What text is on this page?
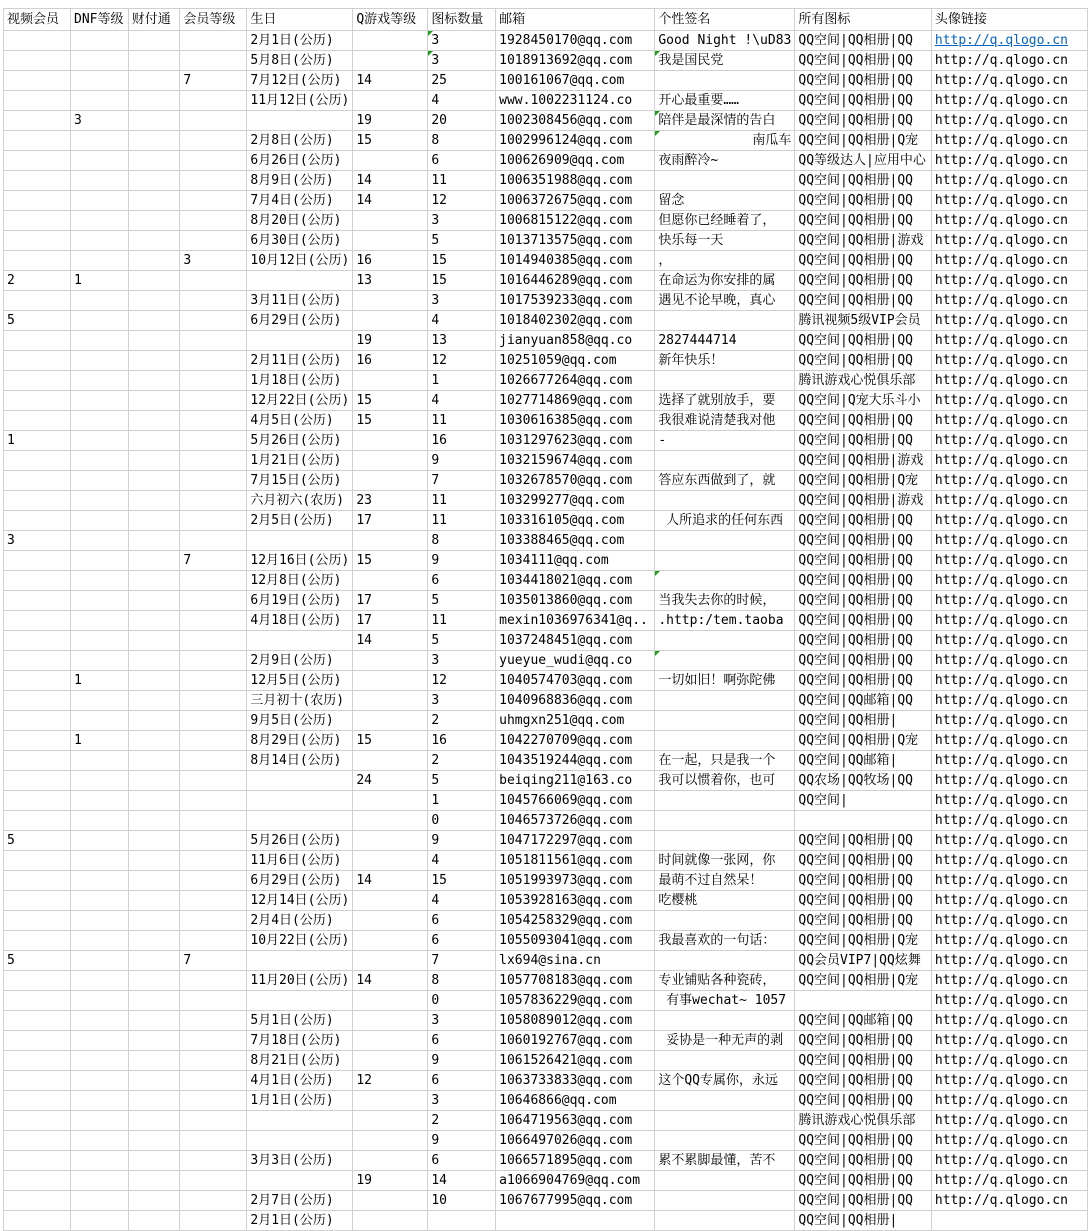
视频会员	DNF等级	财付通	会员等级	生日	Q游戏等级	图标数量	邮箱	个性签名	所有图标	头像链接
				2月1日(公历)		3	1928450170@qq.com	Good Night !\uD83	QQ空间|QQ相册|QQ	http://q.qlogo.cn
				5月8日(公历)		3	1018913692@qq.com	我是国民党	QQ空间|QQ相册|QQ	http://q.qlogo.cn
			7	7月12日(公历)	14	25	100161067@qq.com		QQ空间|QQ相册|QQ	http://q.qlogo.cn
				11月12日(公历)		4	www.1002231124.co	开心最重要……	QQ空间|QQ相册|QQ	http://q.qlogo.cn
	3				19	20	1002308456@qq.com	陪伴是最深情的告白	QQ空间|QQ相册|QQ	http://q.qlogo.cn
				2月8日(公历)	15	8	1002996124@qq.com	南瓜车	QQ空间|QQ相册|Q宠	http://q.qlogo.cn
				6月26日(公历)		6	100626909@qq.com	夜雨醉冷~	QQ等级达人|应用中心	http://q.qlogo.cn
				8月9日(公历)	14	11	1006351988@qq.com		QQ空间|QQ相册|QQ	http://q.qlogo.cn
				7月4日(公历)	14	12	1006372675@qq.com	留念	QQ空间|QQ相册|QQ	http://q.qlogo.cn
				8月20日(公历)		3	1006815122@qq.com	但愿你已经睡着了，	QQ空间|QQ相册|QQ	http://q.qlogo.cn
				6月30日(公历)		5	1013713575@qq.com	快乐每一天	QQ空间|QQ相册|游戏	http://q.qlogo.cn
			3	10月12日(公历)	16	15	1014940385@qq.com	，	QQ空间|QQ相册|QQ	http://q.qlogo.cn
2	1				13	15	1016446289@qq.com	在命运为你安排的属	QQ空间|QQ相册|QQ	http://q.qlogo.cn
				3月11日(公历)		3	1017539233@qq.com	遇见不论早晚，真心	QQ空间|QQ相册|QQ	http://q.qlogo.cn
5				6月29日(公历)		4	1018402302@qq.com		腾讯视频5级VIP会员	http://q.qlogo.cn
					19	13	jianyuan858@qq.co	2827444714	QQ空间|QQ相册|QQ	http://q.qlogo.cn
				2月11日(公历)	16	12	10251059@qq.com	新年快乐！	QQ空间|QQ相册|QQ	http://q.qlogo.cn
				1月18日(公历)		1	1026677264@qq.com		腾讯游戏心悦俱乐部	http://q.qlogo.cn
				12月22日(公历)	15	4	1027714869@qq.com	选择了就别放手，要	QQ空间|Q宠大乐斗小	http://q.qlogo.cn
				4月5日(公历)	15	11	1030616385@qq.com	我很难说清楚我对他	QQ空间|QQ相册|QQ	http://q.qlogo.cn
1				5月26日(公历)		16	1031297623@qq.com	-	QQ空间|QQ相册|QQ	http://q.qlogo.cn
				1月21日(公历)		9	1032159674@qq.com		QQ空间|QQ相册|游戏	http://q.qlogo.cn
				7月15日(公历)		7	1032678570@qq.com	答应东西做到了，就	QQ空间|QQ相册|Q宠	http://q.qlogo.cn
				六月初六(农历)	23	11	103299277@qq.com		QQ空间|QQ相册|游戏	http://q.qlogo.cn
				2月5日(公历)	17	11	103316105@qq.com	人所追求的任何东西	QQ空间|QQ相册|QQ	http://q.qlogo.cn
3						8	103388465@qq.com		QQ空间|QQ相册|QQ	http://q.qlogo.cn
			7	12月16日(公历)	15	9	1034111@qq.com		QQ空间|QQ相册|QQ	http://q.qlogo.cn
				12月8日(公历)		6	1034418021@qq.com		QQ空间|QQ相册|QQ	http://q.qlogo.cn
				6月19日(公历)	17	5	1035013860@qq.com	当我失去你的时候，	QQ空间|QQ相册|QQ	http://q.qlogo.cn
				4月18日(公历)	17	11	mexin1036976341@q..	.http:/tem.taoba	QQ空间|QQ相册|QQ	http://q.qlogo.cn
					14	5	1037248451@qq.com		QQ空间|QQ相册|QQ	http://q.qlogo.cn
				2月9日(公历)		3	yueyue_wudi@qq.co		QQ空间|QQ相册|QQ	http://q.qlogo.cn
	1			12月5日(公历)		12	1040574703@qq.com	一切如旧！啊弥陀佛	QQ空间|QQ相册|QQ	http://q.qlogo.cn
				三月初十(农历)		3	1040968836@qq.com		QQ空间|QQ邮箱|QQ	http://q.qlogo.cn
				9月5日(公历)		2	uhmgxn251@qq.com		QQ空间|QQ相册|	http://q.qlogo.cn
	1			8月29日(公历)	15	16	1042270709@qq.com		QQ空间|QQ相册|Q宠	http://q.qlogo.cn
				8月14日(公历)		2	1043519244@qq.com	在一起，只是我一个	QQ空间|QQ邮箱|	http://q.qlogo.cn
					24	5	beiqing211@163.co	我可以惯着你，也可	QQ农场|QQ牧场|QQ	http://q.qlogo.cn
						1	1045766069@qq.com		QQ空间|	http://q.qlogo.cn
						0	1046573726@qq.com			http://q.qlogo.cn
5				5月26日(公历)		9	1047172297@qq.com		QQ空间|QQ相册|QQ	http://q.qlogo.cn
				11月6日(公历)		4	1051811561@qq.com	时间就像一张网，你	QQ空间|QQ相册|QQ	http://q.qlogo.cn
				6月29日(公历)	14	15	1051993973@qq.com	最萌不过自然呆！	QQ空间|QQ相册|QQ	http://q.qlogo.cn
				12月14日(公历)		4	1053928163@qq.com	吃樱桃	QQ空间|QQ相册|QQ	http://q.qlogo.cn
				2月4日(公历)		6	1054258329@qq.com		QQ空间|QQ相册|QQ	http://q.qlogo.cn
				10月22日(公历)		6	1055093041@qq.com	我最喜欢的一句话：	QQ空间|QQ相册|Q宠	http://q.qlogo.cn
5			7			7	lx694@sina.cn		QQ会员VIP7|QQ炫舞	http://q.qlogo.cn
				11月20日(公历)	14	8	1057708183@qq.com	专业铺贴各种瓷砖，	QQ空间|QQ相册|Q宠	http://q.qlogo.cn
						0	1057836229@qq.com	有事wechat~ 1057		http://q.qlogo.cn
				5月1日(公历)		3	1058089012@qq.com		QQ空间|QQ邮箱|QQ	http://q.qlogo.cn
				7月18日(公历)		6	1060192767@qq.com	妥协是一种无声的剥	QQ空间|QQ相册|QQ	http://q.qlogo.cn
				8月21日(公历)		9	1061526421@qq.com		QQ空间|QQ相册|QQ	http://q.qlogo.cn
				4月1日(公历)	12	6	1063733833@qq.com	这个QQ专属你，永远	QQ空间|QQ相册|QQ	http://q.qlogo.cn
				1月1日(公历)		3	10646866@qq.com		QQ空间|QQ相册|QQ	http://q.qlogo.cn
						2	1064719563@qq.com		腾讯游戏心悦俱乐部	http://q.qlogo.cn
						9	1066497026@qq.com		QQ空间|QQ相册|QQ	http://q.qlogo.cn
				3月3日(公历)		6	1066571895@qq.com	累不累脚最懂，苦不	QQ空间|QQ相册|QQ	http://q.qlogo.cn
					19	14	a1066904769@qq.com		QQ空间|QQ相册|QQ	http://q.qlogo.cn
				2月7日(公历)		10	1067677995@qq.com		QQ空间|QQ相册|QQ	http://q.qlogo.cn
				2月1日(公历)					QQ空间|QQ相册|	
